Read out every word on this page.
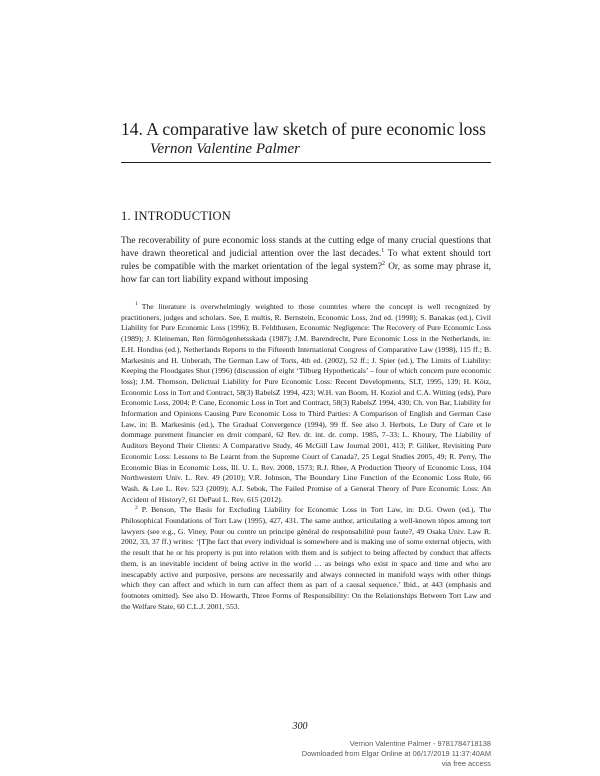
14. A comparative law sketch of pure economic loss

Vernon Valentine Palmer

1. INTRODUCTION

The recoverability of pure economic loss stands at the cutting edge of many crucial questions that have drawn theoretical and judicial attention over the last decades.$^1$ To what extent should tort rules be compatible with the market orientation of the legal system?$^2$ Or, as some may phrase it, how far can tort liability expand without imposing

$^1$ The literature is overwhelmingly weighted to those countries where the concept is well recognized by practitioners, judges and scholars. See, E multis, R. Bernstein, Economic Loss, 2nd ed. (1998); S. Banakas (ed.), Civil Liability for Pure Economic Loss (1996); B. Feldthusen, Economic Negligence: The Recovery of Pure Economic Loss (1989); J. Kleineman, Ren förmögenhetsskada (1987); J.M. Barendrecht, Pure Economic Loss in the Netherlands, in: E.H. Hondius (ed.), Netherlands Reports to the Fifteenth International Congress of Comparative Law (1998), 115 ff.; B. Markesinis and H. Unberath, The German Law of Torts, 4th ed. (2002), 52 ff.; J. Spier (ed.), The Limits of Liability: Keeping the Floodgates Shut (1996) (discussion of eight ‘Tilburg Hypotheticals’ – four of which concern pure economic loss); J.M. Thomson, Delictual Liability for Pure Economic Loss: Recent Developments, SLT, 1995, 139; H. Kötz, Economic Loss in Tort and Contract, 58(3) RabelsZ 1994, 423; W.H. van Boom, H. Koziol and C.A. Witting (eds), Pure Economic Loss, 2004; P. Cane, Economic Loss in Tort and Contract, 58(3) RabelsZ 1994, 430; Ch. von Bar, Liability for Information and Opinions Causing Pure Economic Loss to Third Parties: A Comparison of English and German Case Law, in: B. Markesinis (ed.), The Gradual Convergence (1994), 99 ff. See also J. Herbots, Le Duty of Care et le dommage purement financier en droit comparé, 62 Rev. dr. int. dr. comp. 1985, 7–33; L. Khoury, The Liability of Auditors Beyond Their Clients: A Comparative Study, 46 McGill Law Journal 2001, 413; P. Giliker, Revisiting Pure Economic Loss: Lessons to Be Learnt from the Supreme Court of Canada?, 25 Legal Studies 2005, 49; R. Perry, The Economic Bias in Economic Loss, Ill. U. L. Rev. 2008, 1573; R.J. Rhee, A Production Theory of Economic Loss, 104 Northwestern Univ. L. Rev. 49 (2010); V.R. Johnson, The Boundary Line Function of the Economic Loss Rule, 66 Wash. & Lee L. Rev. 523 (2009); A.J. Sebok, The Failed Promise of a General Theory of Pure Economic Loss: An Accident of History?, 61 DePaul L. Rev. 615 (2012).

$^2$ P. Benson, The Basis for Excluding Liability for Economic Loss in Tort Law, in: D.G. Owen (ed.), The Philosophical Foundations of Tort Law (1995), 427, 431. The same author, articulating a well-known tòpos among tort lawyers (see e.g., G. Viney, Pour ou contre un principe général de responsabilité pour faute?, 49 Osaka Univ. Law R. 2002, 33, 37 ff.) writes: ‘[T]he fact that every individual is somewhere and is making use of some external objects, with the result that he or his property is put into relation with them and is subject to being affected by conduct that affects them, is an inevitable incident of being active in the world … as beings who exist in space and time and who are inescapably active and purposive, persons are necessarily and always connected in manifold ways with other things which they can affect and which in turn can affect them as part of a causal sequence.’ Ibid., at 443 (emphasis and footnotes omitted). See also D. Howarth, Three Forms of Responsibility: On the Relationships Between Tort Law and the Welfare State, 60 C.L.J. 2001, 553.

300

Vernon Valentine Palmer - 9781784718138
Downloaded from Elgar Online at 06/17/2019 11:37:40AM
via free access
